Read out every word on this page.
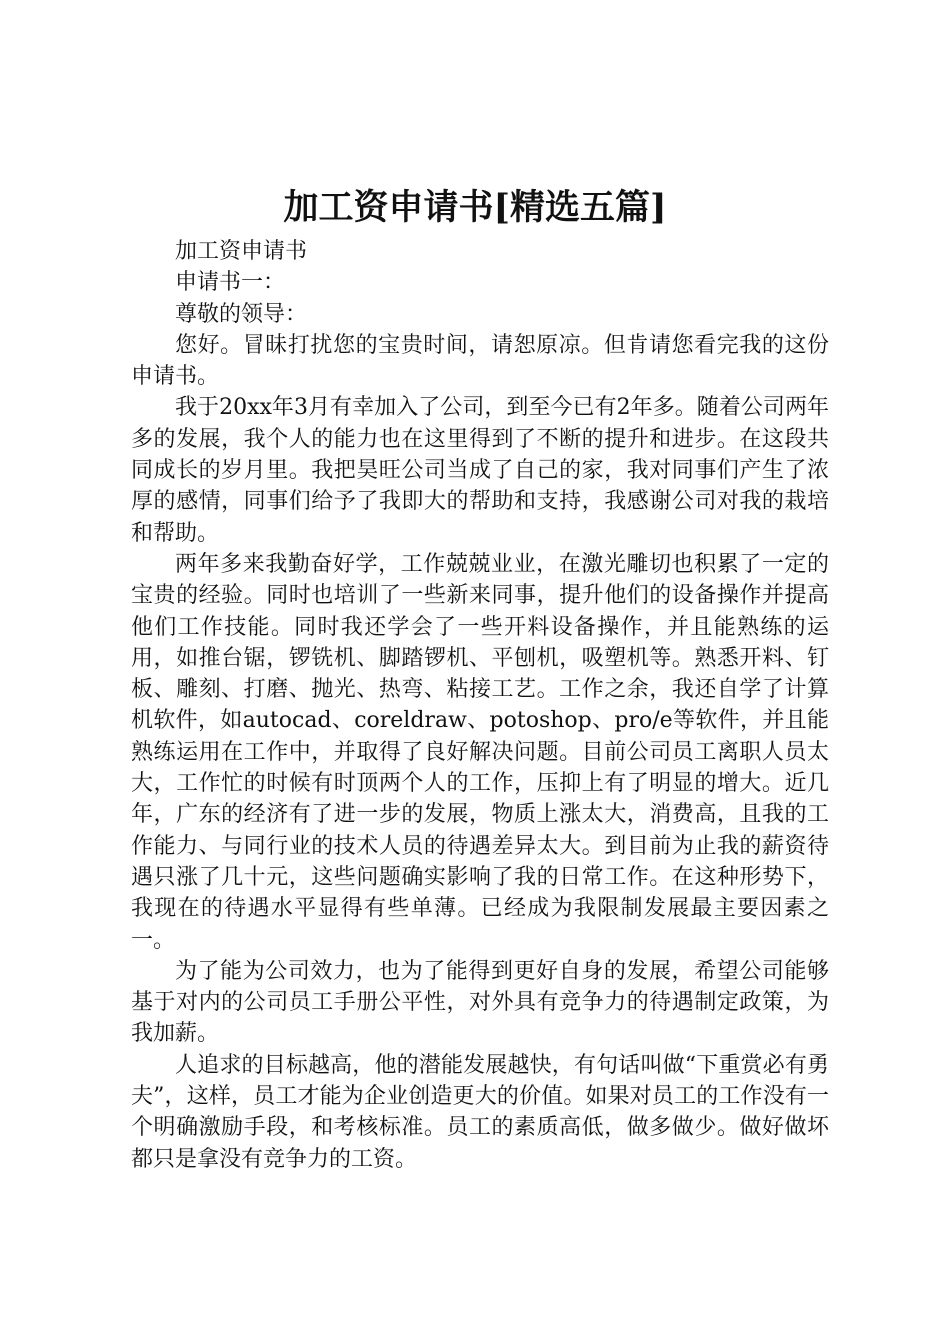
加工资申请书[精选五篇]

加工资申请书

申请书一：

尊敬的领导：

您好。冒昧打扰您的宝贵时间，请恕原凉。但肯请您看完我的这份申请书。

我于20xx年3月有幸加入了公司，到至今已有2年多。随着公司两年多的发展，我个人的能力也在这里得到了不断的提升和进步。在这段共同成长的岁月里。我把昊旺公司当成了自己的家，我对同事们产生了浓厚的感情，同事们给予了我即大的帮助和支持，我感谢公司对我的栽培和帮助。

两年多来我勤奋好学，工作兢兢业业，在激光雕切也积累了一定的宝贵的经验。同时也培训了一些新来同事，提升他们的设备操作并提高他们工作技能。同时我还学会了一些开料设备操作，并且能熟练的运用，如推台锯，锣铣机、脚踏锣机、平刨机，吸塑机等。熟悉开料、钉板、雕刻、打磨、抛光、热弯、粘接工艺。工作之余，我还自学了计算机软件，如autocad、coreldraw、potoshop、pro/e等软件，并且能熟练运用在工作中，并取得了良好解决问题。目前公司员工离职人员太大，工作忙的时候有时顶两个人的工作，压抑上有了明显的增大。近几年，广东的经济有了进一步的发展，物质上涨太大，消费高，且我的工作能力、与同行业的技术人员的待遇差异太大。到目前为止我的薪资待遇只涨了几十元，这些问题确实影响了我的日常工作。在这种形势下，我现在的待遇水平显得有些单薄。已经成为我限制发展最主要因素之一。

为了能为公司效力，也为了能得到更好自身的发展，希望公司能够基于对内的公司员工手册公平性，对外具有竞争力的待遇制定政策，为我加薪。

人追求的目标越高，他的潜能发展越快，有句话叫做“下重赏必有勇夫”，这样，员工才能为企业创造更大的价值。如果对员工的工作没有一个明确激励手段，和考核标准。员工的素质高低，做多做少。做好做坏都只是拿没有竞争力的工资。
